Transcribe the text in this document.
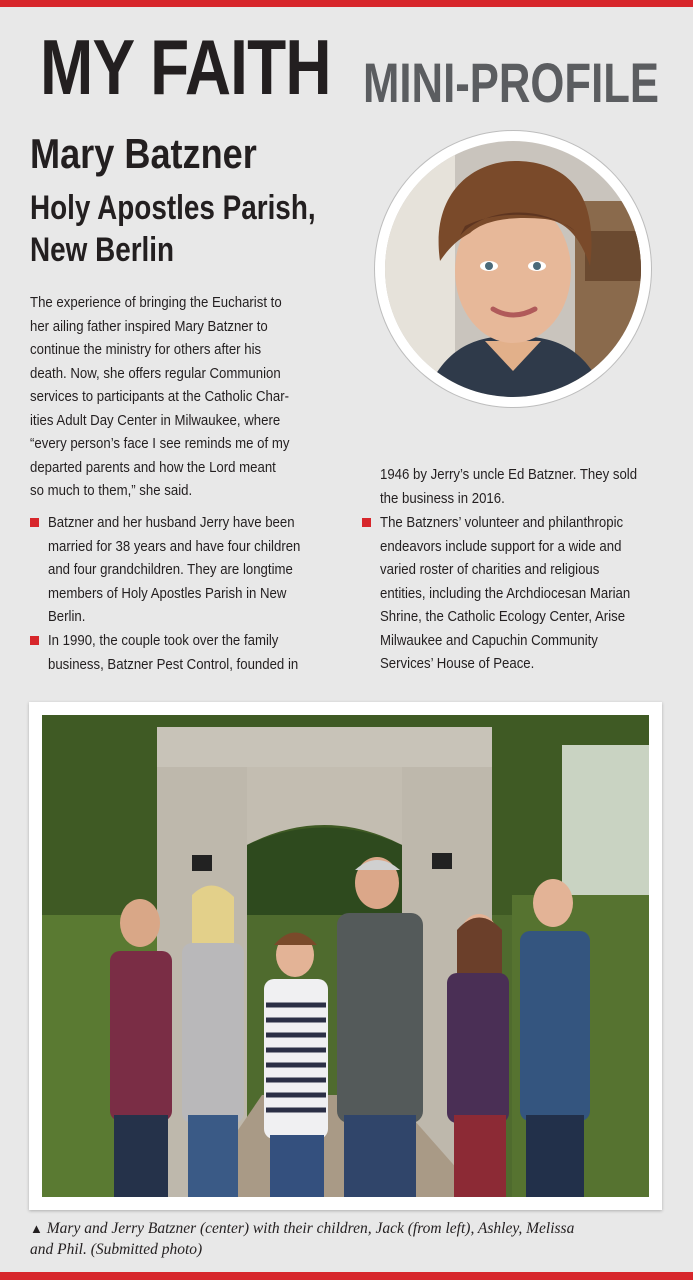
MY FAITH MINI-PROFILE
Mary Batzner
Holy Apostles Parish,
New Berlin
The experience of bringing the Eucharist to
her ailing father inspired Mary Batzner to
continue the ministry for others after his
death. Now, she offers regular Communion
services to participants at the Catholic Char-
ities Adult Day Center in Milwaukee, where
“every person’s face I see reminds me of my
departed parents and how the Lord meant
so much to them,” she said.
Batzner and her husband Jerry have been
married for 38 years and have four children
and four grandchildren. They are longtime
members of Holy Apostles Parish in New
Berlin.
In 1990, the couple took over the family
business, Batzner Pest Control, founded in
1946 by Jerry’s uncle Ed Batzner. They sold
the business in 2016.
The Batzners’ volunteer and philanthropic
endeavors include support for a wide and
varied roster of charities and religious
entities, including the Archdiocesan Marian
Shrine, the Catholic Ecology Center, Arise
Milwaukee and Capuchin Community
Services’ House of Peace.
▲ Mary and Jerry Batzner (center) with their children, Jack (from left), Ashley, Melissa
and Phil. (Submitted photo)
